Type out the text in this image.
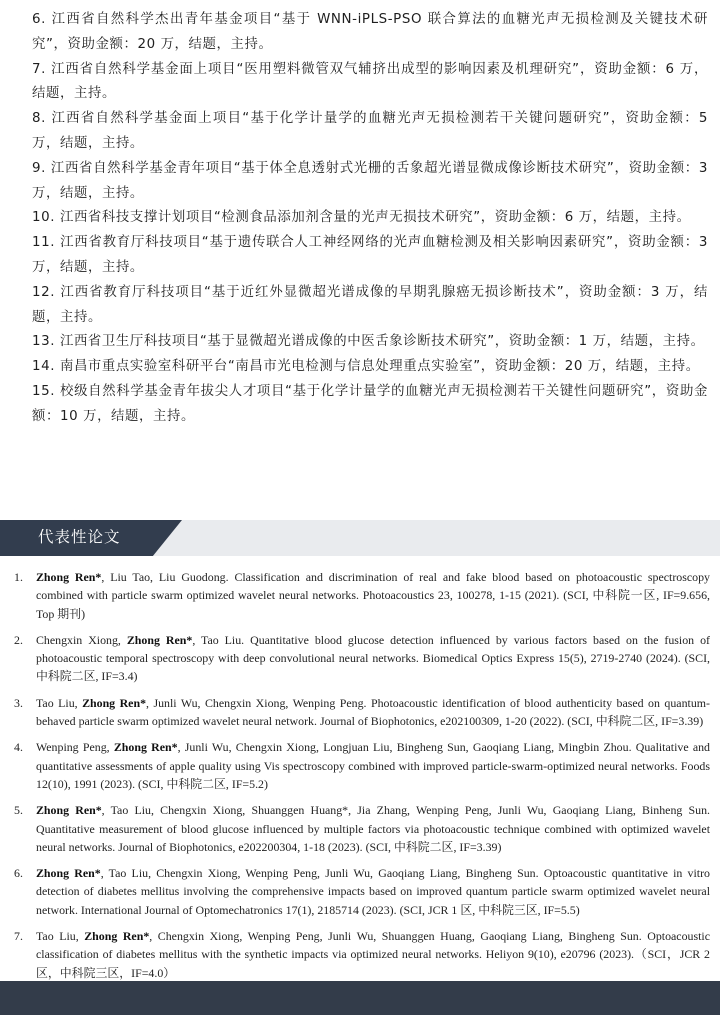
6. 江西省自然科学杰出青年基金项目“基于 WNN-iPLS-PSO 联合算法的血糖光声无损检测及关键技术研究”，资助金额：20 万，结题，主持。

7. 江西省自然科学基金面上项目“医用塑料微管双气辅挤出成型的影响因素及机理研究”，资助金额：6 万，结题，主持。

8. 江西省自然科学基金面上项目“基于化学计量学的血糖光声无损检测若干关键问题研究”，资助金额：5 万，结题，主持。

9. 江西省自然科学基金青年项目“基于体全息透射式光栅的舌象超光谱显微成像诊断技术研究”，资助金额：3 万，结题，主持。

10. 江西省科技支撑计划项目“检测食品添加剂含量的光声无损技术研究”，资助金额：6 万，结题，主持。

11. 江西省教育厅科技项目“基于遗传联合人工神经网络的光声血糖检测及相关影响因素研究”，资助金额：3 万，结题，主持。

12. 江西省教育厅科技项目“基于近红外显微超光谱成像的早期乳腺癌无损诊断技术”，资助金额：3 万，结题，主持。

13. 江西省卫生厅科技项目“基于显微超光谱成像的中医舌象诊断技术研究”，资助金额：1 万，结题，主持。

14. 南昌市重点实验室科研平台“南昌市光电检测与信息处理重点实验室”，资助金额：20 万，结题，主持。

15. 校级自然科学基金青年拔尖人才项目“基于化学计量学的血糖光声无损检测若干关键性问题研究”，资助金额：10 万，结题，主持。

代表性论文
1.	Zhong Ren*, Liu Tao, Liu Guodong. Classification and discrimination of real and fake blood based on photoacoustic spectroscopy combined with particle swarm optimized wavelet neural networks. Photoacoustics 23, 100278, 1-15 (2021). (SCI, 中科院一区, IF=9.656, Top 期刊)
2.	Chengxin Xiong, Zhong Ren*, Tao Liu. Quantitative blood glucose detection influenced by various factors based on the fusion of photoacoustic temporal spectroscopy with deep convolutional neural networks. Biomedical Optics Express 15(5), 2719-2740 (2024). (SCI, 中科院二区, IF=3.4)
3.	Tao Liu, Zhong Ren*, Junli Wu, Chengxin Xiong, Wenping Peng. Photoacoustic identification of blood authenticity based on quantum-behaved particle swarm optimized wavelet neural network. Journal of Biophotonics, e202100309, 1-20 (2022). (SCI, 中科院二区, IF=3.39)
4.	Wenping Peng, Zhong Ren*, Junli Wu, Chengxin Xiong, Longjuan Liu, Bingheng Sun, Gaoqiang Liang, Mingbin Zhou. Qualitative and quantitative assessments of apple quality using Vis spectroscopy combined with improved particle-swarm-optimized neural networks. Foods 12(10), 1991 (2023). (SCI, 中科院二区, IF=5.2)
5.	Zhong Ren*, Tao Liu, Chengxin Xiong, Shuanggen Huang*, Jia Zhang, Wenping Peng, Junli Wu, Gaoqiang Liang, Binheng Sun. Quantitative measurement of blood glucose influenced by multiple factors via photoacoustic technique combined with optimized wavelet neural networks. Journal of Biophotonics, e202200304, 1-18 (2023). (SCI, 中科院二区, IF=3.39)
6.	Zhong Ren*, Tao Liu, Chengxin Xiong, Wenping Peng, Junli Wu, Gaoqiang Liang, Bingheng Sun. Optoacoustic quantitative in vitro detection of diabetes mellitus involving the comprehensive impacts based on improved quantum particle swarm optimized wavelet neural network. International Journal of Optomechatronics 17(1), 2185714 (2023). (SCI, JCR 1 区, 中科院三区, IF=5.5)
7.	Tao Liu, Zhong Ren*, Chengxin Xiong, Wenping Peng, Junli Wu, Shuanggen Huang, Gaoqiang Liang, Bingheng Sun. Optoacoustic classification of diabetes mellitus with the synthetic impacts via optimized neural networks. Heliyon 9(10), e20796 (2023).（SCI，JCR 2 区，中科院三区，IF=4.0）
